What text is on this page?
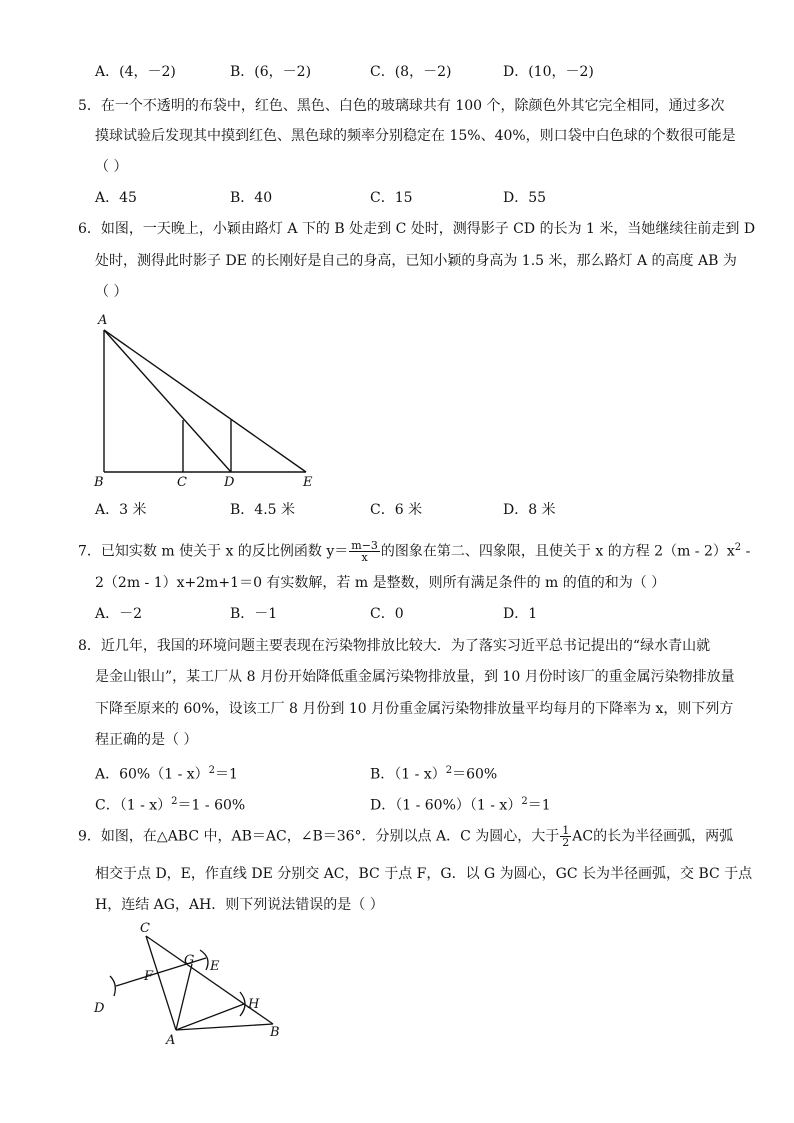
A．(4，－2)	B．(6，－2)	C．(8，－2)	D．(10，－2)
5．在一个不透明的布袋中，红色、黑色、白色的玻璃球共有 100 个，除颜色外其它完全相同，通过多次
摸球试验后发现其中摸到红色、黑色球的频率分别稳定在 15%、40%，则口袋中白色球的个数很可能是
（ ）
A．45	B．40	C．15	D．55
6．如图，一天晚上，小颖由路灯 A 下的 B 处走到 C 处时，测得影子 CD 的长为 1 米，当她继续往前走到 D
处时，测得此时影子 DE 的长刚好是自己的身高，已知小颖的身高为 1.5 米，那么路灯 A 的高度 AB 为
（ ）
A
B	C	D	E
A．3 米	B．4.5 米	C．6 米	D．8 米
7．已知实数 m 使关于 x 的反比例函数 $y= \frac{m-3}{x}$ 的图象在第二、四象限，且使关于 x 的方程 $2(m - 2)x^2$ -
2（2m - 1）x+2m+1＝0 有实数解，若 m 是整数，则所有满足条件的 m 的值的和为（ ）
A．－2	B．－1	C．0	D．1
8．近几年，我国的环境问题主要表现在污染物排放比较大．为了落实习近平总书记提出的“绿水青山就
是金山银山”，某工厂从 8 月份开始降低重金属污染物排放量，到 10 月份时该厂的重金属污染物排放量
下降至原来的 60%，设该工厂 8 月份到 10 月份重金属污染物排放量平均每月的下降率为 x，则下列方
程正确的是（ ）
A．60%（1 - x）$^2$＝1	B．（1 - x）$^2$＝60%
C．（1 - x）$^2$＝1 - 60%	D．（1 - 60%）（1 - x）$^2$＝1
9．如图，在△ABC 中，AB＝AC，∠B＝36°．分别以点 A．C 为圆心，大于 $\frac{1}{2}$ AC的长为半径画弧，两弧
相交于点 D，E，作直线 DE 分别交 AC，BC 于点 F，G．以 G 为圆心，GC 长为半径画弧，交 BC 于点
H，连结 AG，AH．则下列说法错误的是（ ）
C
G E
F
H
D
A
B
